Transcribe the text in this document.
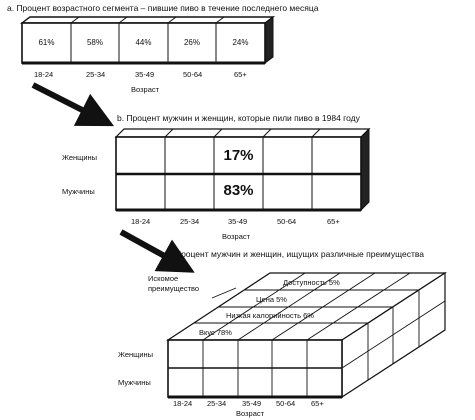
а. Процент возрастного сегмента – пившие пиво в течение последнего месяца
61%	58%	44%	26%	24%
18-24	25-34	35-49	50-64	65+
Возраст
b. Процент мужчин и женщин, которые пили пиво в 1984 году
Женщины
Мужчины
17%
83%
18-24	25-34	35-49	50-64	65+
Возраст
с. Процент мужчин и женщин, ищущих различные преимущества
Искомое
преимущество
Доступность 5%
Цена 5%
Низкая калорийность 6%
Вкус 78%
Женщины
Мужчины
18-24 25-34 35-49 50-64 65+
Возраст
